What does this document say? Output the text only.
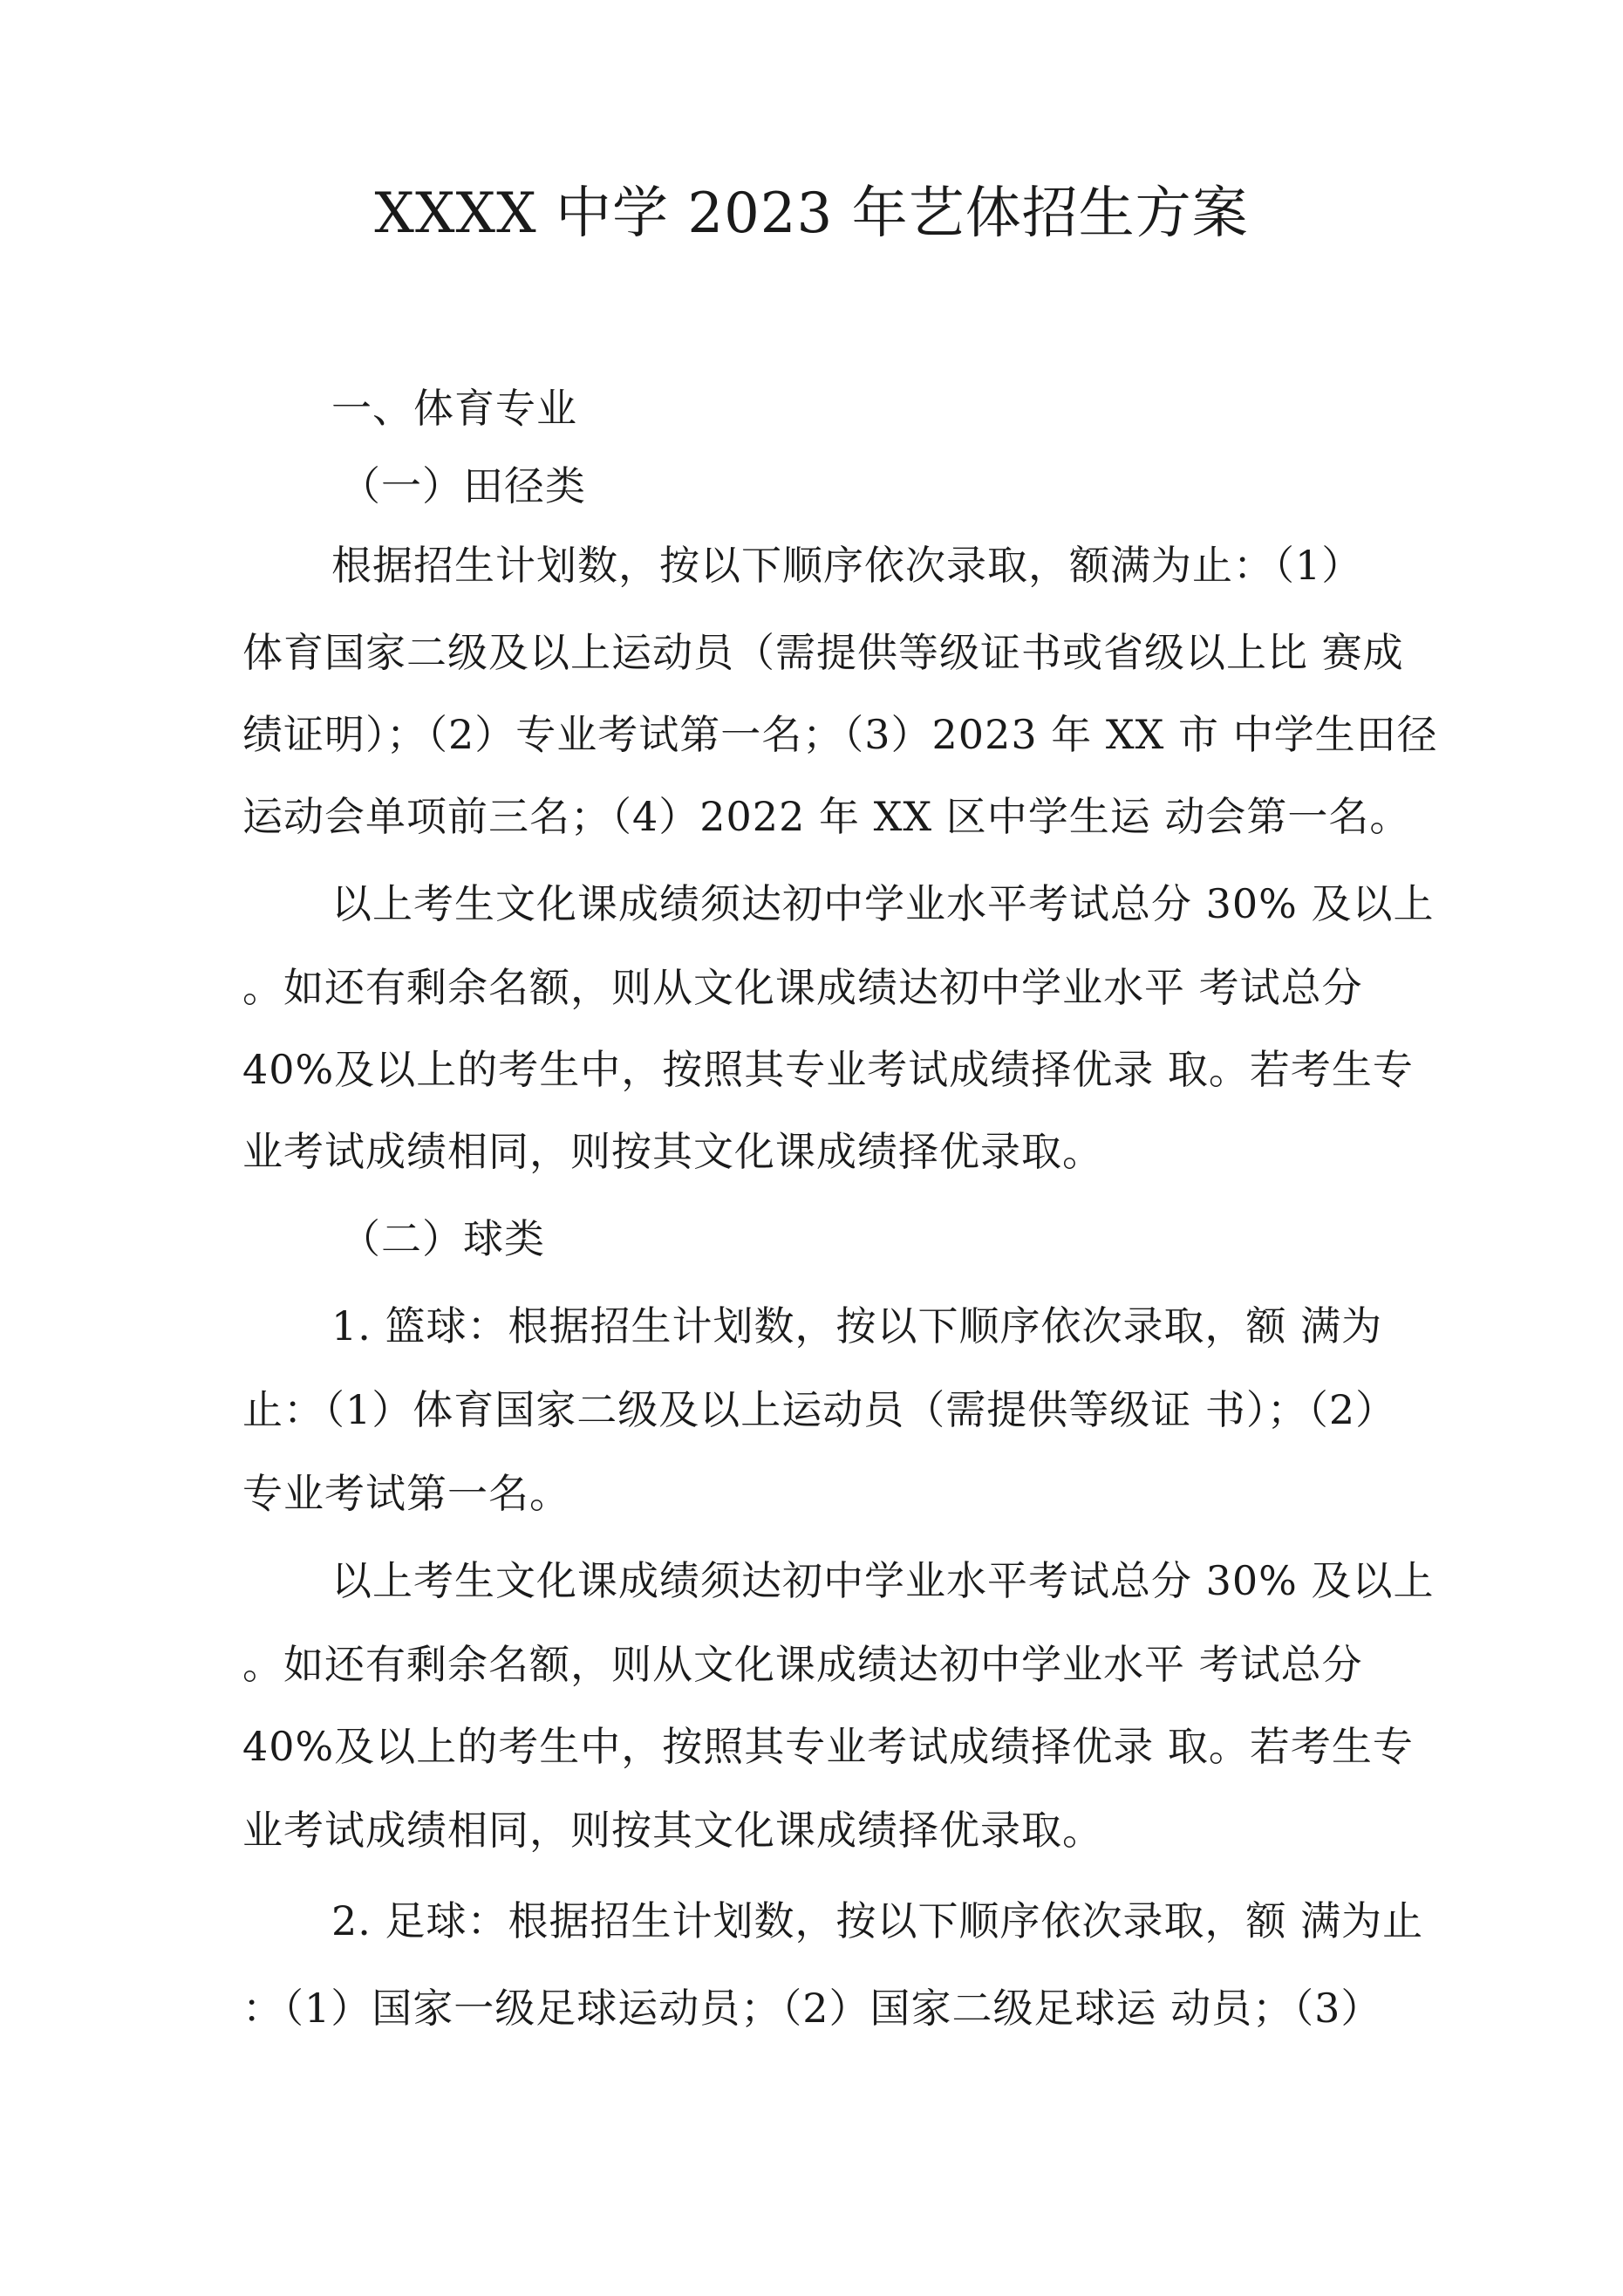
XXXX 中学 2023 年艺体招生方案
一、体育专业
（一）田径类
根据招生计划数，按以下顺序依次录取，额满为止：（1）
体育国家二级及以上运动员（需提供等级证书或省级以上比 赛成
绩证明）；（2）专业考试第一名；（3）2023 年 XX 市 中学生田径
运动会单项前三名；（4）2022 年 XX 区中学生运 动会第一名。
以上考生文化课成绩须达初中学业水平考试总分 30% 及以上
。如还有剩余名额，则从文化课成绩达初中学业水平 考试总分
40%及以上的考生中，按照其专业考试成绩择优录 取。若考生专
业考试成绩相同，则按其文化课成绩择优录取。
（二）球类
1. 篮球：根据招生计划数，按以下顺序依次录取，额 满为
止：（1）体育国家二级及以上运动员（需提供等级证 书）；（2）
专业考试第一名。
以上考生文化课成绩须达初中学业水平考试总分 30% 及以上
。如还有剩余名额，则从文化课成绩达初中学业水平 考试总分
40%及以上的考生中，按照其专业考试成绩择优录 取。若考生专
业考试成绩相同，则按其文化课成绩择优录取。
2. 足球：根据招生计划数，按以下顺序依次录取，额 满为止
：（1）国家一级足球运动员；（2）国家二级足球运 动员；（3）
